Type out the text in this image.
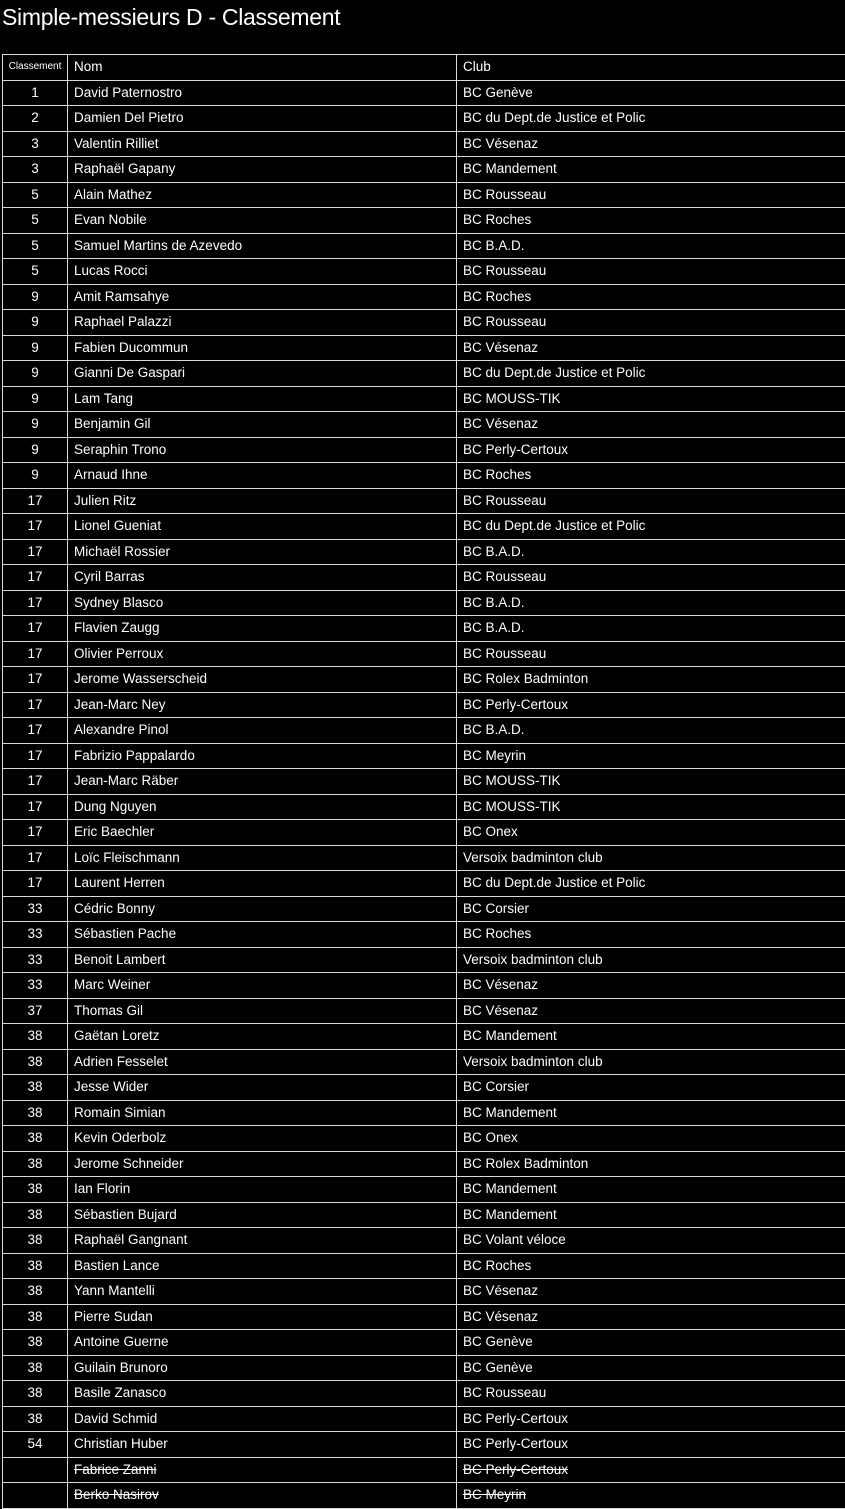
Simple-messieurs D - Classement
Classement	Nom	Club
1	David Paternostro	BC Genève
2	Damien Del Pietro	BC du Dept.de Justice et Polic
3	Valentin Rilliet	BC Vésenaz
3	Raphaël Gapany	BC Mandement
5	Alain Mathez	BC Rousseau
5	Evan Nobile	BC Roches
5	Samuel Martins de Azevedo	BC B.A.D.
5	Lucas Rocci	BC Rousseau
9	Amit Ramsahye	BC Roches
9	Raphael Palazzi	BC Rousseau
9	Fabien Ducommun	BC Vésenaz
9	Gianni De Gaspari	BC du Dept.de Justice et Polic
9	Lam Tang	BC MOUSS-TIK
9	Benjamin Gil	BC Vésenaz
9	Seraphin Trono	BC Perly-Certoux
9	Arnaud Ihne	BC Roches
17	Julien Ritz	BC Rousseau
17	Lionel Gueniat	BC du Dept.de Justice et Polic
17	Michaël Rossier	BC B.A.D.
17	Cyril Barras	BC Rousseau
17	Sydney Blasco	BC B.A.D.
17	Flavien Zaugg	BC B.A.D.
17	Olivier Perroux	BC Rousseau
17	Jerome Wasserscheid	BC Rolex Badminton
17	Jean-Marc Ney	BC Perly-Certoux
17	Alexandre Pinol	BC B.A.D.
17	Fabrizio Pappalardo	BC Meyrin
17	Jean-Marc Räber	BC MOUSS-TIK
17	Dung Nguyen	BC MOUSS-TIK
17	Eric Baechler	BC Onex
17	Loïc Fleischmann	Versoix badminton club
17	Laurent Herren	BC du Dept.de Justice et Polic
33	Cédric Bonny	BC Corsier
33	Sébastien Pache	BC Roches
33	Benoit Lambert	Versoix badminton club
33	Marc Weiner	BC Vésenaz
37	Thomas Gil	BC Vésenaz
38	Gaëtan Loretz	BC Mandement
38	Adrien Fesselet	Versoix badminton club
38	Jesse Wider	BC Corsier
38	Romain Simian	BC Mandement
38	Kevin Oderbolz	BC Onex
38	Jerome Schneider	BC Rolex Badminton
38	Ian Florin	BC Mandement
38	Sébastien Bujard	BC Mandement
38	Raphaël Gangnant	BC Volant véloce
38	Bastien Lance	BC Roches
38	Yann Mantelli	BC Vésenaz
38	Pierre Sudan	BC Vésenaz
38	Antoine Guerne	BC Genève
38	Guilain Brunoro	BC Genève
38	Basile Zanasco	BC Rousseau
38	David Schmid	BC Perly-Certoux
54	Christian Huber	BC Perly-Certoux
	Fabrice Zanni	BC Perly-Certoux
	Berko Nasirov	BC Meyrin
